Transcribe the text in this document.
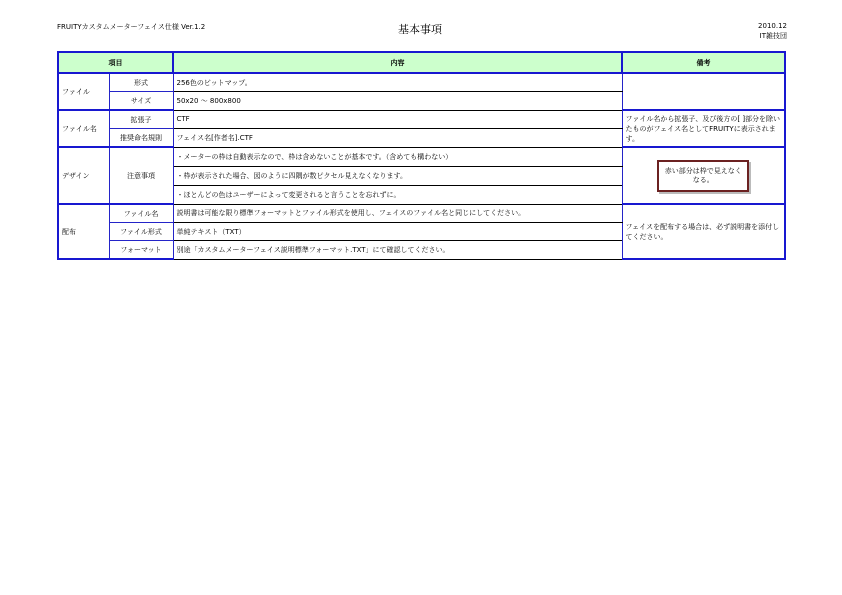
FRUITYカスタムメーターフェイス仕様 Ver.1.2	基本事項	2010.12
IT雑技団
項目		内容	備考
ファイル	形式	256色のビットマップ。	
	サイズ	50x20 〜 800x800	
ファイル名	拡張子	CTF	ファイル名から拡張子、及び後方の[ ]部分を除いたものがフェイス名としてFRUITYに表示されます。
	推奨命名規則	フェイス名[作者名].CTF	
デザイン	注意事項	・メーターの枠は自動表示なので、枠は含めないことが基本です。（含めても構わない）	赤い部分は枠で見えなくなる。

		・枠が表示された場合、図のように四隅が数ピクセル見えなくなります。	
		・ほとんどの色はユーザーによって変更されると言うことを忘れずに。	
配布	ファイル名	説明書は可能な限り標準フォーマットとファイル形式を使用し、フェイスのファイル名と同じにしてください。	フェイスを配布する場合は、必ず説明書を添付してください。
	ファイル形式	単純テキスト（TXT）	
	フォーマット	別途「カスタムメーターフェイス説明標準フォーマット.TXT」にて確認してください。	
